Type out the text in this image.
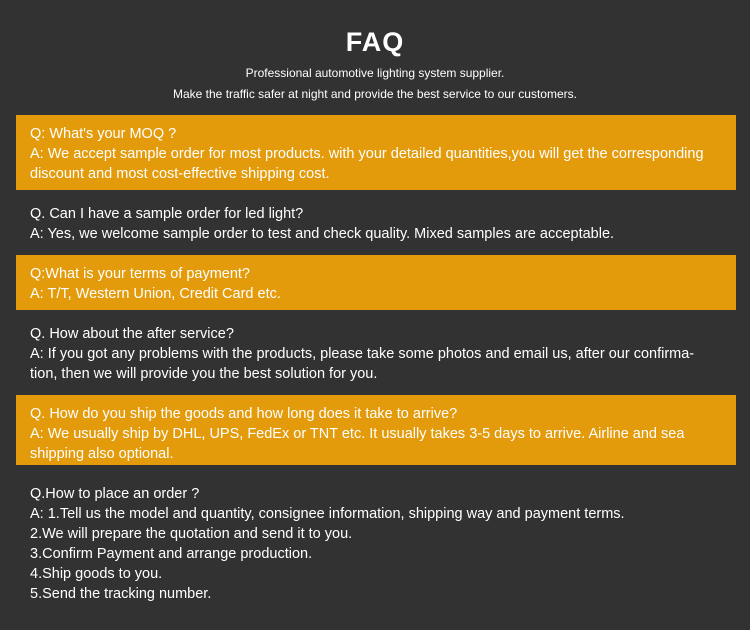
FAQ
Professional automotive lighting system supplier.
Make the traffic safer at night and provide the best service to our customers.
Q: What's your MOQ ?
A: We accept sample order for most products. with your detailed quantities,you will get the corresponding
discount and most cost-effective shipping cost.
Q. Can I have a sample order for led light?
A: Yes, we welcome sample order to test and check quality. Mixed samples are acceptable.
Q:What is your terms of payment?
A: T/T, Western Union, Credit Card etc.
Q. How about the after service?
A: If you got any problems with the products, please take some photos and email us, after our confirma-
tion, then we will provide you the best solution for you.
Q. How do you ship the goods and how long does it take to arrive?
A: We usually ship by DHL, UPS, FedEx or TNT etc. It usually takes 3-5 days to arrive. Airline and sea
shipping also optional.
Q.How to place an order ?
A: 1.Tell us the model and quantity, consignee information, shipping way and payment terms.
2.We will prepare the quotation and send it to you.
3.Confirm Payment and arrange production.
4.Ship goods to you.
5.Send the tracking number.
